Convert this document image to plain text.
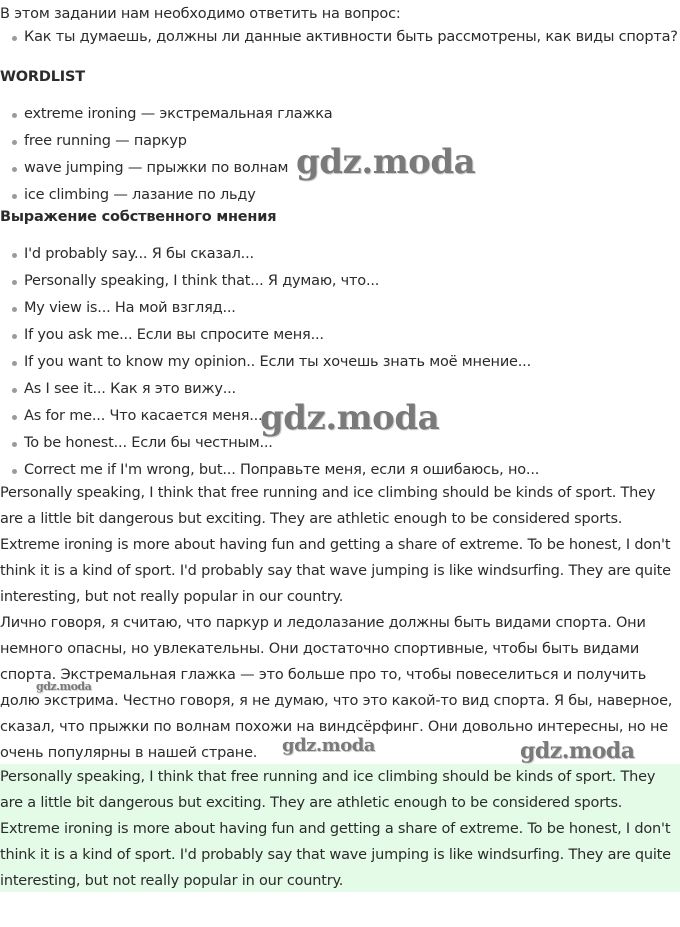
В этом задании нам необходимо ответить на вопрос:

Как ты думаешь, должны ли данные активности быть рассмотрены, как виды спорта?
WORDLIST
extreme ironing — экстремальная глажка
free running — паркур
wave jumping — прыжки по волнам
ice climbing — лазание по льду
Выражение собственного мнения
I'd probably say... Я бы сказал...
Personally speaking, I think that... Я думаю, что...
My view is... На мой взгляд...
If you ask me... Если вы спросите меня...
If you want to know my opinion.. Если ты хочешь знать моё мнение...
As I see it... Как я это вижу...
As for me... Что касается меня...
To be honest... Если бы честным...
Correct me if I'm wrong, but... Поправьте меня, если я ошибаюсь, но...

Personally speaking, I think that free running and ice climbing should be kinds of sport. They are a little bit dangerous but exciting. They are athletic enough to be considered sports. Extreme ironing is more about having fun and getting a share of extreme. To be honest, I don't think it is a kind of sport. I'd probably say that wave jumping is like windsurfing. They are quite interesting, but not really popular in our country.

Лично говоря, я считаю, что паркур и ледолазание должны быть видами спорта. Они немного опасны, но увлекательны. Они достаточно спортивные, чтобы быть видами спорта. Экстремальная глажка — это больше про то, чтобы повеселиться и получить долю экстрима. Честно говоря, я не думаю, что это какой-то вид спорта. Я бы, наверное, сказал, что прыжки по волнам похожи на виндсёрфинг. Они довольно интересны, но не очень популярны в нашей стране.

Personally speaking, I think that free running and ice climbing should be kinds of sport. They are a little bit dangerous but exciting. They are athletic enough to be considered sports. Extreme ironing is more about having fun and getting a share of extreme. To be honest, I don't think it is a kind of sport. I'd probably say that wave jumping is like windsurfing. They are quite interesting, but not really popular in our country.

gdz.moda
gdz.moda
gdz.moda
gdz.moda	gdz.moda
